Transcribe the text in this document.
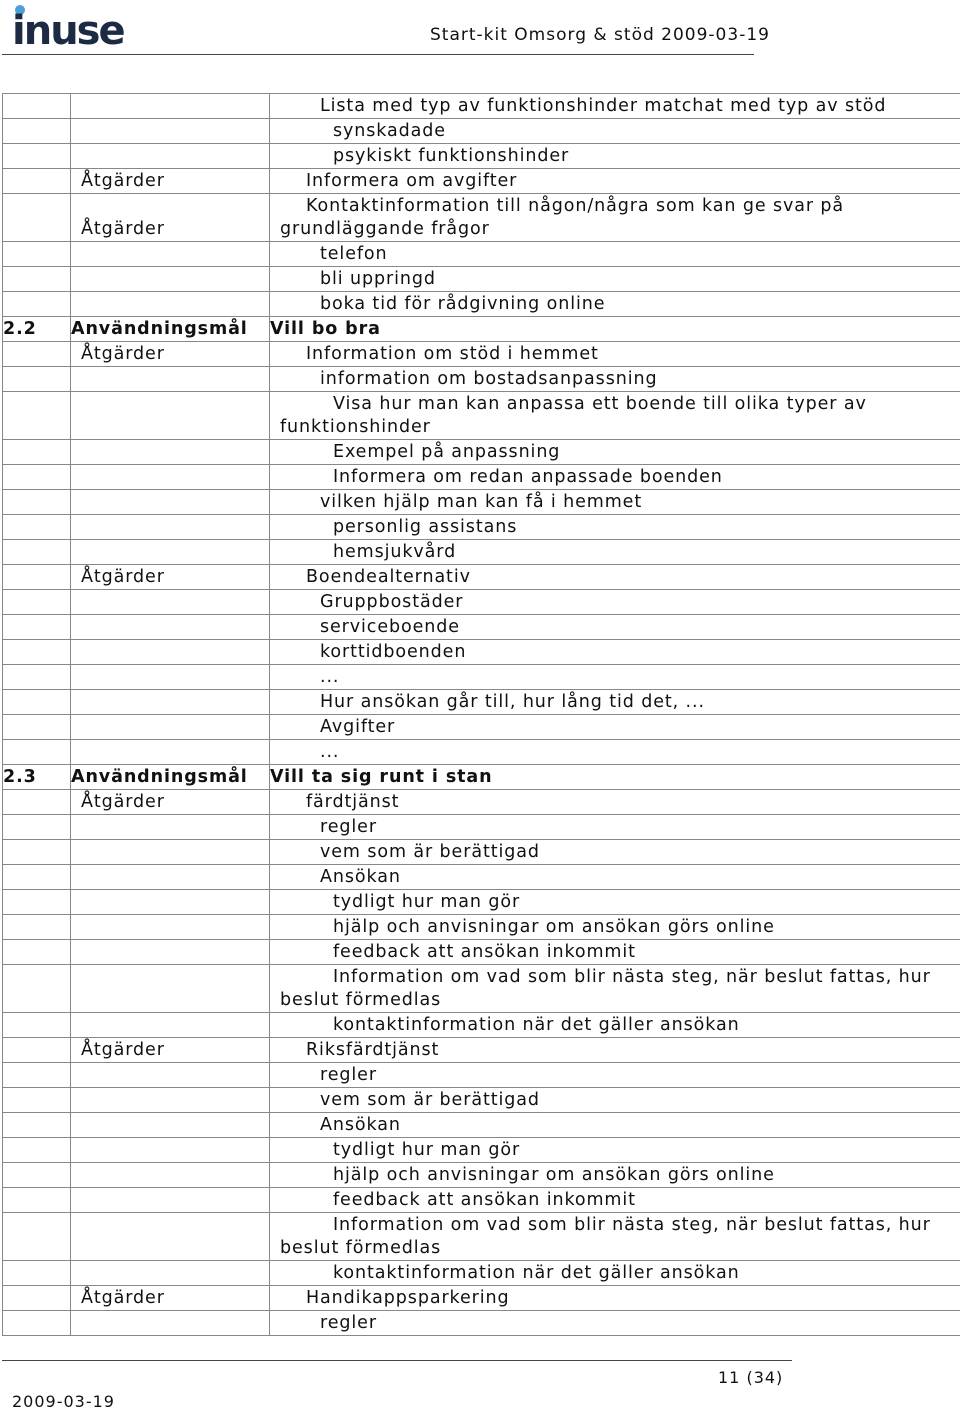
inuse	Start-kit Omsorg & stöd 2009-03-19
		Lista med typ av funktionshinder matchat med typ av stöd
		synskadade
		psykiskt funktionshinder
	Åtgärder	Informera om avgifter
	Åtgärder	Kontaktinformation till någon/några som kan ge svar på
grundläggande frågor

		telefon
		bli uppringd
		boka tid för rådgivning online
2.2	Användningsmål	Vill bo bra
	Åtgärder	Information om stöd i hemmet
		information om bostadsanpassning

		Visa hur man kan anpassa ett boende till olika typer av
funktionshinder

		Exempel på anpassning
		Informera om redan anpassade boenden
		vilken hjälp man kan få i hemmet
		personlig assistans
		hemsjukvård
	Åtgärder	Boendealternativ
		Gruppbostäder
		serviceboende
		korttidboenden
		...
		Hur ansökan går till, hur lång tid det, ...
		Avgifter
		...
2.3	Användningsmål	Vill ta sig runt i stan
	Åtgärder	färdtjänst
		regler
		vem som är berättigad
		Ansökan
		tydligt hur man gör
		hjälp och anvisningar om ansökan görs online
		feedback att ansökan inkommit

		Information om vad som blir nästa steg, när beslut fattas, hur
beslut förmedlas

		kontaktinformation när det gäller ansökan
	Åtgärder	Riksfärdtjänst
		regler
		vem som är berättigad
		Ansökan
		tydligt hur man gör
		hjälp och anvisningar om ansökan görs online
		feedback att ansökan inkommit

		Information om vad som blir nästa steg, när beslut fattas, hur
beslut förmedlas

		kontaktinformation när det gäller ansökan
	Åtgärder	Handikappsparkering
		regler
11 (34)
2009-03-19
